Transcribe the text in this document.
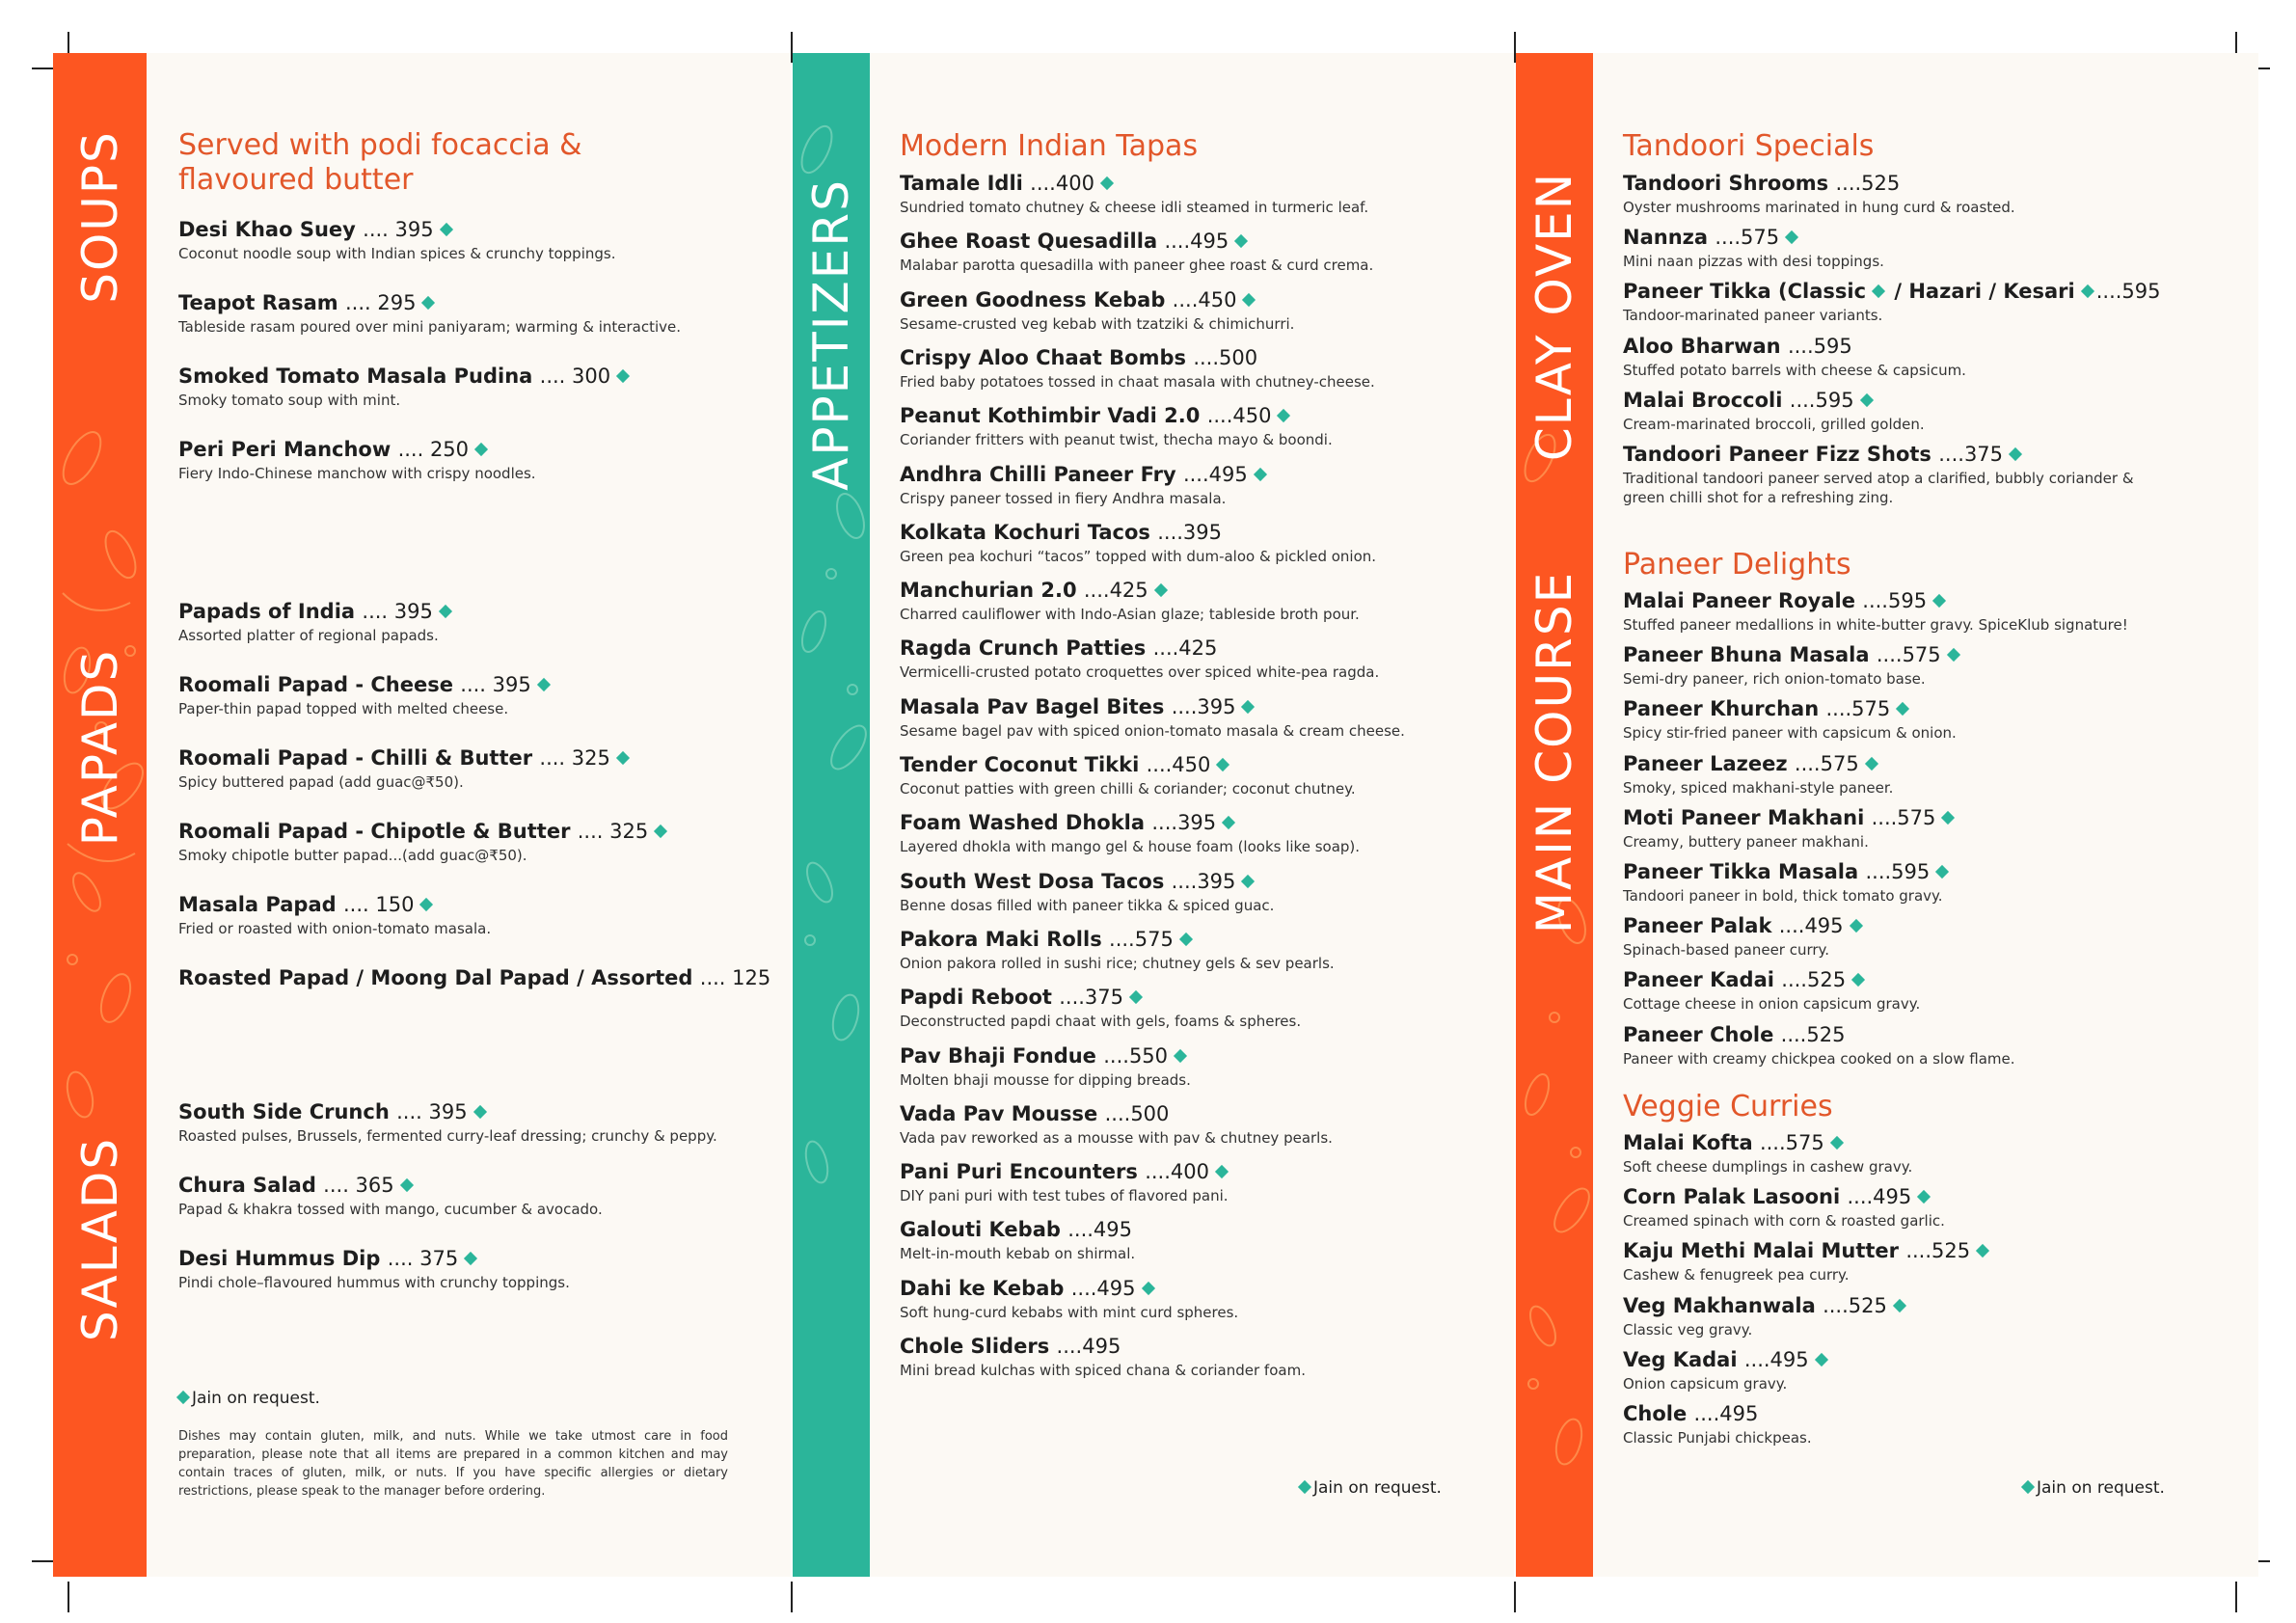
SOUPS
PAPADS
SALADS
Served with podi focaccia & flavoured butter
Desi Khao Suey .... 395
Coconut noodle soup with Indian spices & crunchy toppings.
Teapot Rasam .... 295
Tableside rasam poured over mini paniyaram; warming & interactive.
Smoked Tomato Masala Pudina .... 300
Smoky tomato soup with mint.
Peri Peri Manchow .... 250
Fiery Indo-Chinese manchow with crispy noodles.
Papads of India .... 395
Assorted platter of regional papads.
Roomali Papad - Cheese .... 395
Paper-thin papad topped with melted cheese.
Roomali Papad - Chilli & Butter .... 325
Spicy buttered papad (add guac@₹50).
Roomali Papad - Chipotle & Butter .... 325
Smoky chipotle butter papad...(add guac@₹50).
Masala Papad .... 150
Fried or roasted with onion-tomato masala.
Roasted Papad / Moong Dal Papad / Assorted .... 125
South Side Crunch .... 395
Roasted pulses, Brussels, fermented curry-leaf dressing; crunchy & peppy.
Chura Salad .... 365
Papad & khakra tossed with mango, cucumber & avocado.
Desi Hummus Dip .... 375
Pindi chole–flavoured hummus with crunchy toppings.
Jain on request.
Dishes may contain gluten, milk, and nuts. While we take utmost care in food preparation, please note that all items are prepared in a common kitchen and may contain traces of gluten, milk, or nuts. If you have specific allergies or dietary restrictions, please speak to the manager before ordering.
APPETIZERS
Modern Indian Tapas
Tamale Idli ....400
Sundried tomato chutney & cheese idli steamed in turmeric leaf.
Ghee Roast Quesadilla ....495
Malabar parotta quesadilla with paneer ghee roast & curd crema.
Green Goodness Kebab ....450
Sesame-crusted veg kebab with tzatziki & chimichurri.
Crispy Aloo Chaat Bombs ....500
Fried baby potatoes tossed in chaat masala with chutney-cheese.
Peanut Kothimbir Vadi 2.0 ....450
Coriander fritters with peanut twist, thecha mayo & boondi.
Andhra Chilli Paneer Fry ....495
Crispy paneer tossed in fiery Andhra masala.
Kolkata Kochuri Tacos ....395
Green pea kochuri “tacos” topped with dum-aloo & pickled onion.
Manchurian 2.0 ....425
Charred cauliflower with Indo-Asian glaze; tableside broth pour.
Ragda Crunch Patties ....425
Vermicelli-crusted potato croquettes over spiced white-pea ragda.
Masala Pav Bagel Bites ....395
Sesame bagel pav with spiced onion-tomato masala & cream cheese.
Tender Coconut Tikki ....450
Coconut patties with green chilli & coriander; coconut chutney.
Foam Washed Dhokla ....395
Layered dhokla with mango gel & house foam (looks like soap).
South West Dosa Tacos ....395
Benne dosas filled with paneer tikka & spiced guac.
Pakora Maki Rolls ....575
Onion pakora rolled in sushi rice; chutney gels & sev pearls.
Papdi Reboot ....375
Deconstructed papdi chaat with gels, foams & spheres.
Pav Bhaji Fondue ....550
Molten bhaji mousse for dipping breads.
Vada Pav Mousse ....500
Vada pav reworked as a mousse with pav & chutney pearls.
Pani Puri Encounters ....400
DIY pani puri with test tubes of flavored pani.
Galouti Kebab ....495
Melt-in-mouth kebab on shirmal.
Dahi ke Kebab ....495
Soft hung-curd kebabs with mint curd spheres.
Chole Sliders ....495
Mini bread kulchas with spiced chana & coriander foam.
Jain on request.
CLAY OVEN
MAIN COURSE
Tandoori Specials
Tandoori Shrooms ....525
Oyster mushrooms marinated in hung curd & roasted.
Nannza ....575
Mini naan pizzas with desi toppings.
Paneer Tikka (Classic / Hazari / Kesari ....595
Tandoor-marinated paneer variants.
Aloo Bharwan ....595
Stuffed potato barrels with cheese & capsicum.
Malai Broccoli ....595
Cream-marinated broccoli, grilled golden.
Tandoori Paneer Fizz Shots ....375
Traditional tandoori paneer served atop a clarified, bubbly coriander & green chilli shot for a refreshing zing.
Paneer Delights
Malai Paneer Royale ....595
Stuffed paneer medallions in white-butter gravy. SpiceKlub signature!
Paneer Bhuna Masala ....575
Semi-dry paneer, rich onion-tomato base.
Paneer Khurchan ....575
Spicy stir-fried paneer with capsicum & onion.
Paneer Lazeez ....575
Smoky, spiced makhani-style paneer.
Moti Paneer Makhani ....575
Creamy, buttery paneer makhani.
Paneer Tikka Masala ....595
Tandoori paneer in bold, thick tomato gravy.
Paneer Palak ....495
Spinach-based paneer curry.
Paneer Kadai ....525
Cottage cheese in onion capsicum gravy.
Paneer Chole ....525
Paneer with creamy chickpea cooked on a slow flame.
Veggie Curries
Malai Kofta ....575
Soft cheese dumplings in cashew gravy.
Corn Palak Lasooni ....495
Creamed spinach with corn & roasted garlic.
Kaju Methi Malai Mutter ....525
Cashew & fenugreek pea curry.
Veg Makhanwala ....525
Classic veg gravy.
Veg Kadai ....495
Onion capsicum gravy.
Chole ....495
Classic Punjabi chickpeas.
Jain on request.
